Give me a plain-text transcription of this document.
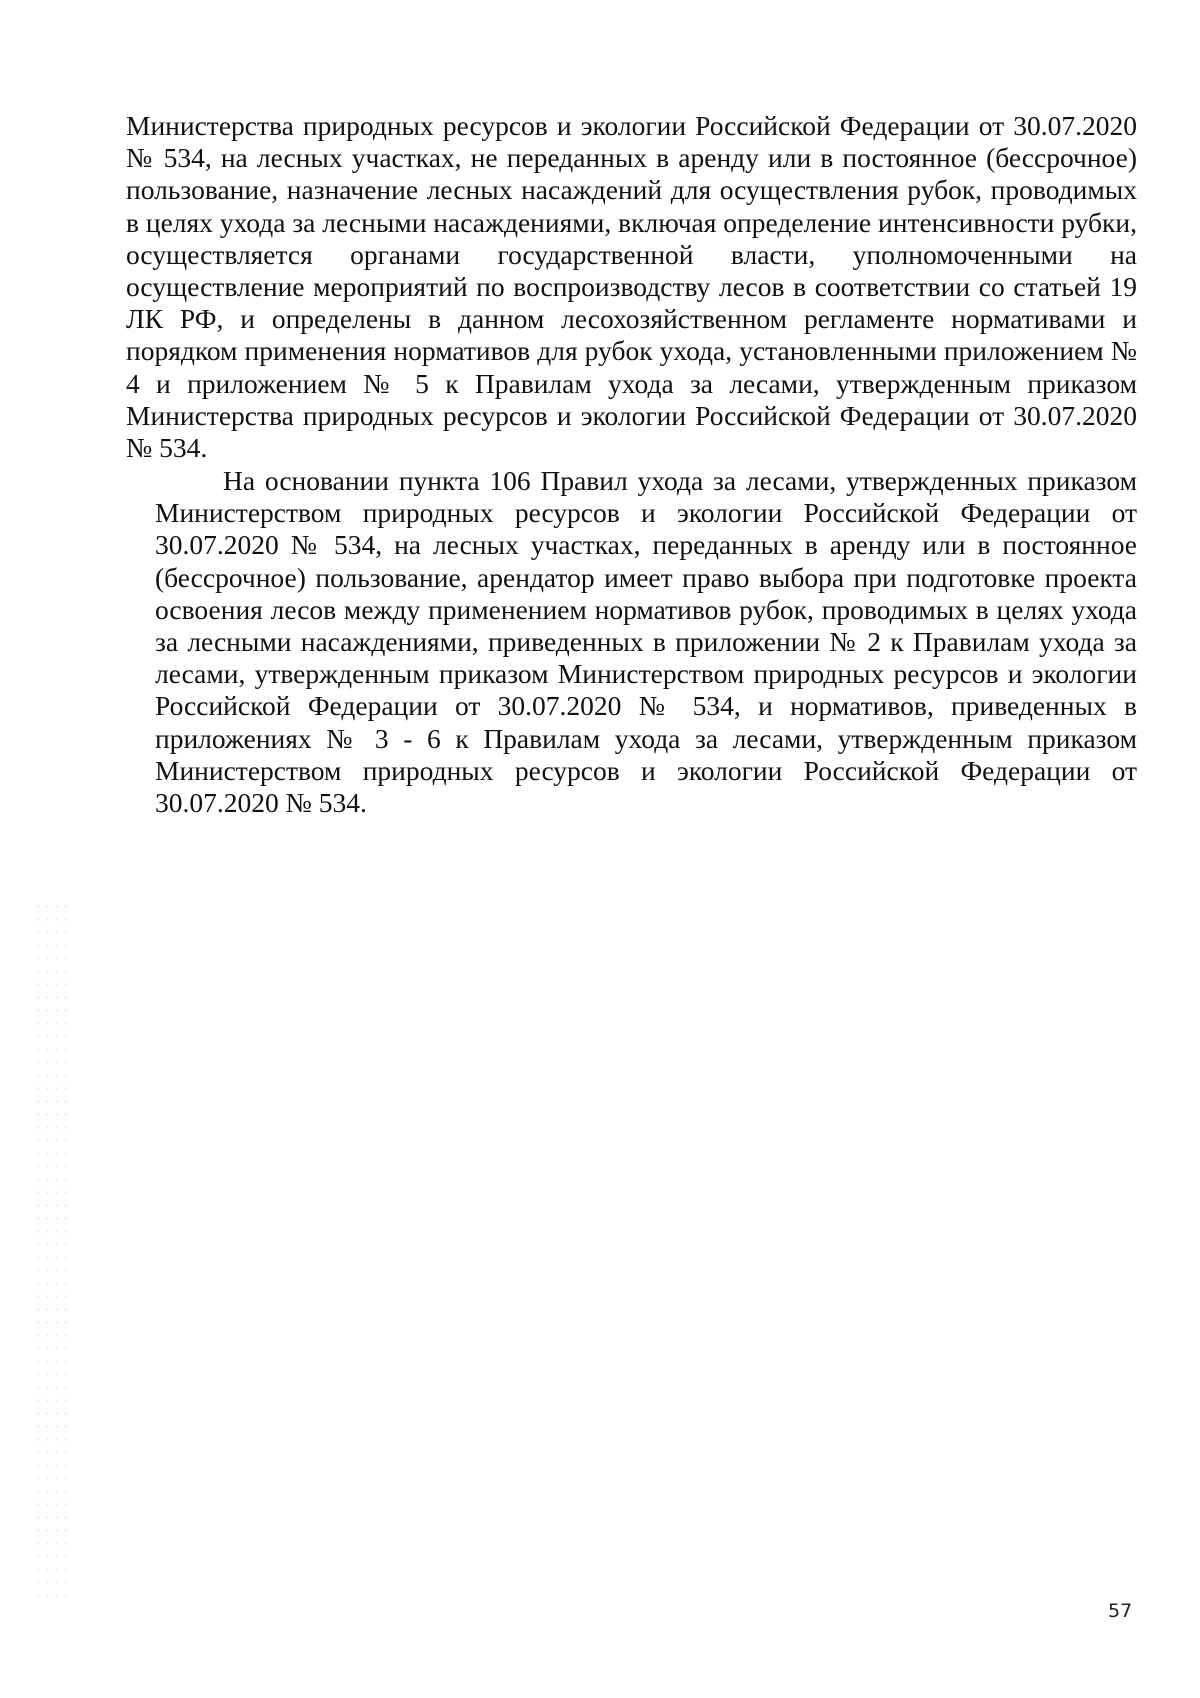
Министерства природных ресурсов и экологии Российской Федерации от 30.07.2020 № 534, на лесных участках, не переданных в аренду или в постоянное (бессрочное) пользование, назначение лесных насаждений для осуществления рубок, проводимых в целях ухода за лесными насаждениями, включая определение интенсивности рубки, осуществляется органами государственной власти, уполномоченными на осуществление мероприятий по воспроизводству лесов в соответствии со статьей 19 ЛК РФ, и определены в данном лесохозяйственном регламенте нормативами и порядком применения нормативов для рубок ухода, установленными приложением № 4 и приложением № 5 к Правилам ухода за лесами, утвержденным приказом Министерства природных ресурсов и экологии Российской Федерации от 30.07.2020 № 534.

На основании пункта 106 Правил ухода за лесами, утвержденных приказом Министерством природных ресурсов и экологии Российской Федерации от 30.07.2020 № 534, на лесных участках, переданных в аренду или в постоянное (бессрочное) пользование, арендатор имеет право выбора при подготовке проекта освоения лесов между применением нормативов рубок, проводимых в целях ухода за лесными насаждениями, приведенных в приложении № 2 к Правилам ухода за лесами, утвержденным приказом Министерством природных ресурсов и экологии Российской Федерации от 30.07.2020 № 534, и нормативов, приведенных в приложениях № 3 - 6 к Правилам ухода за лесами, утвержденным приказом Министерством природных ресурсов и экологии Российской Федерации от 30.07.2020 № 534.

57
